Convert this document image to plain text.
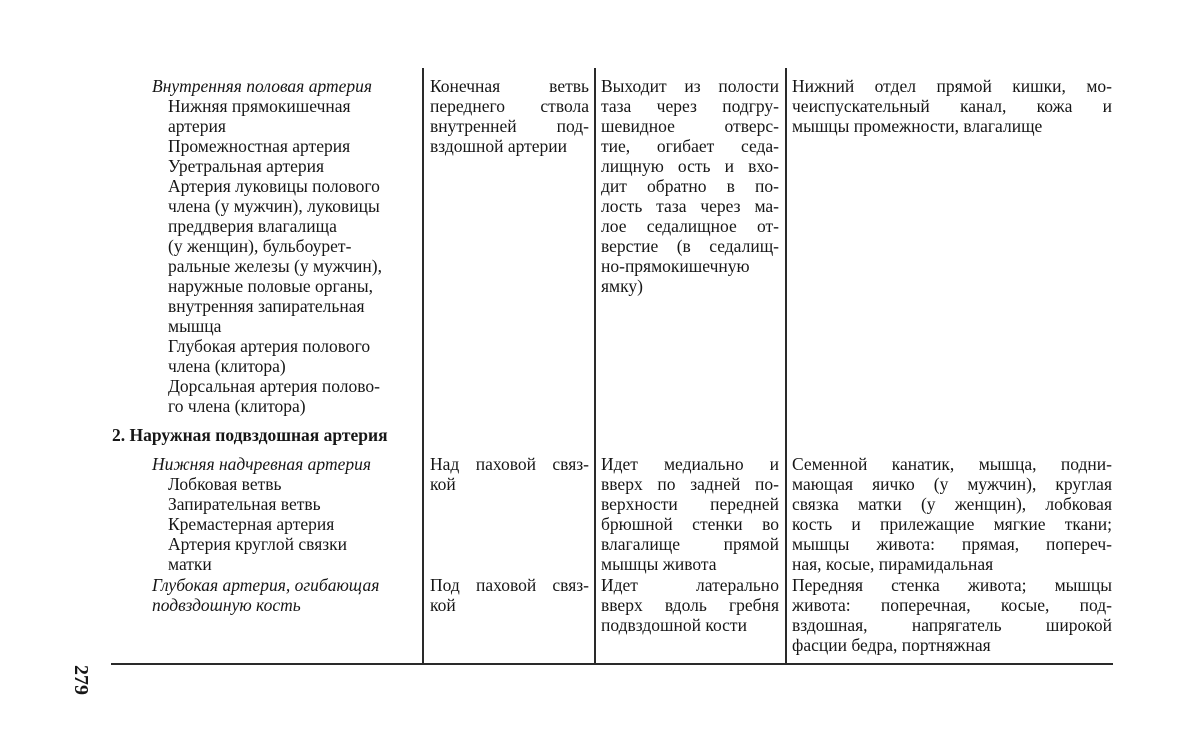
Внутренняя половая артерия
Нижняя прямокишечная
артерия
Промежностная артерия
Уретральная артерия
Артерия луковицы полового
члена (у мужчин), луковицы
преддверия влагалища
(у женщин), бульбоурет-
ральные железы (у мужчин),
наружные половые органы,
внутренняя запирательная
мышца
Глубокая артерия полового
члена (клитора)
Дорсальная артерия полово-
го члена (клитора)
Конечная ветвь
переднего ствола
внутренней под-
вздошной артерии
Выходит из полости
таза через подгру-
шевидное отверс-
тие, огибает седа-
лищную ость и вхо-
дит обратно в по-
лость таза через ма-
лое седалищное от-
верстие (в седалищ-
но-прямокишечную
ямку)
Нижний отдел прямой кишки, мо-
чеиспускательный канал, кожа и
мышцы промежности, влагалище
2. Наружная подвздошная артерия
Нижняя надчревная артерия
Лобковая ветвь
Запирательная ветвь
Кремастерная артерия
Артерия круглой связки
матки
Над паховой связ-
кой
Идет медиально и
вверх по задней по-
верхности передней
брюшной стенки во
влагалище прямой
мышцы живота
Семенной канатик, мышца, подни-
мающая яичко (у мужчин), круглая
связка матки (у женщин), лобковая
кость и прилежащие мягкие ткани;
мышцы живота: прямая, попереч-
ная, косые, пирамидальная
Глубокая артерия, огибающая
подвздошную кость
Под паховой связ-
кой
Идет латерально
вверх вдоль гребня
подвздошной кости
Передняя стенка живота; мышцы
живота: поперечная, косые, под-
вздошная, напрягатель широкой
фасции бедра, портняжная
279
